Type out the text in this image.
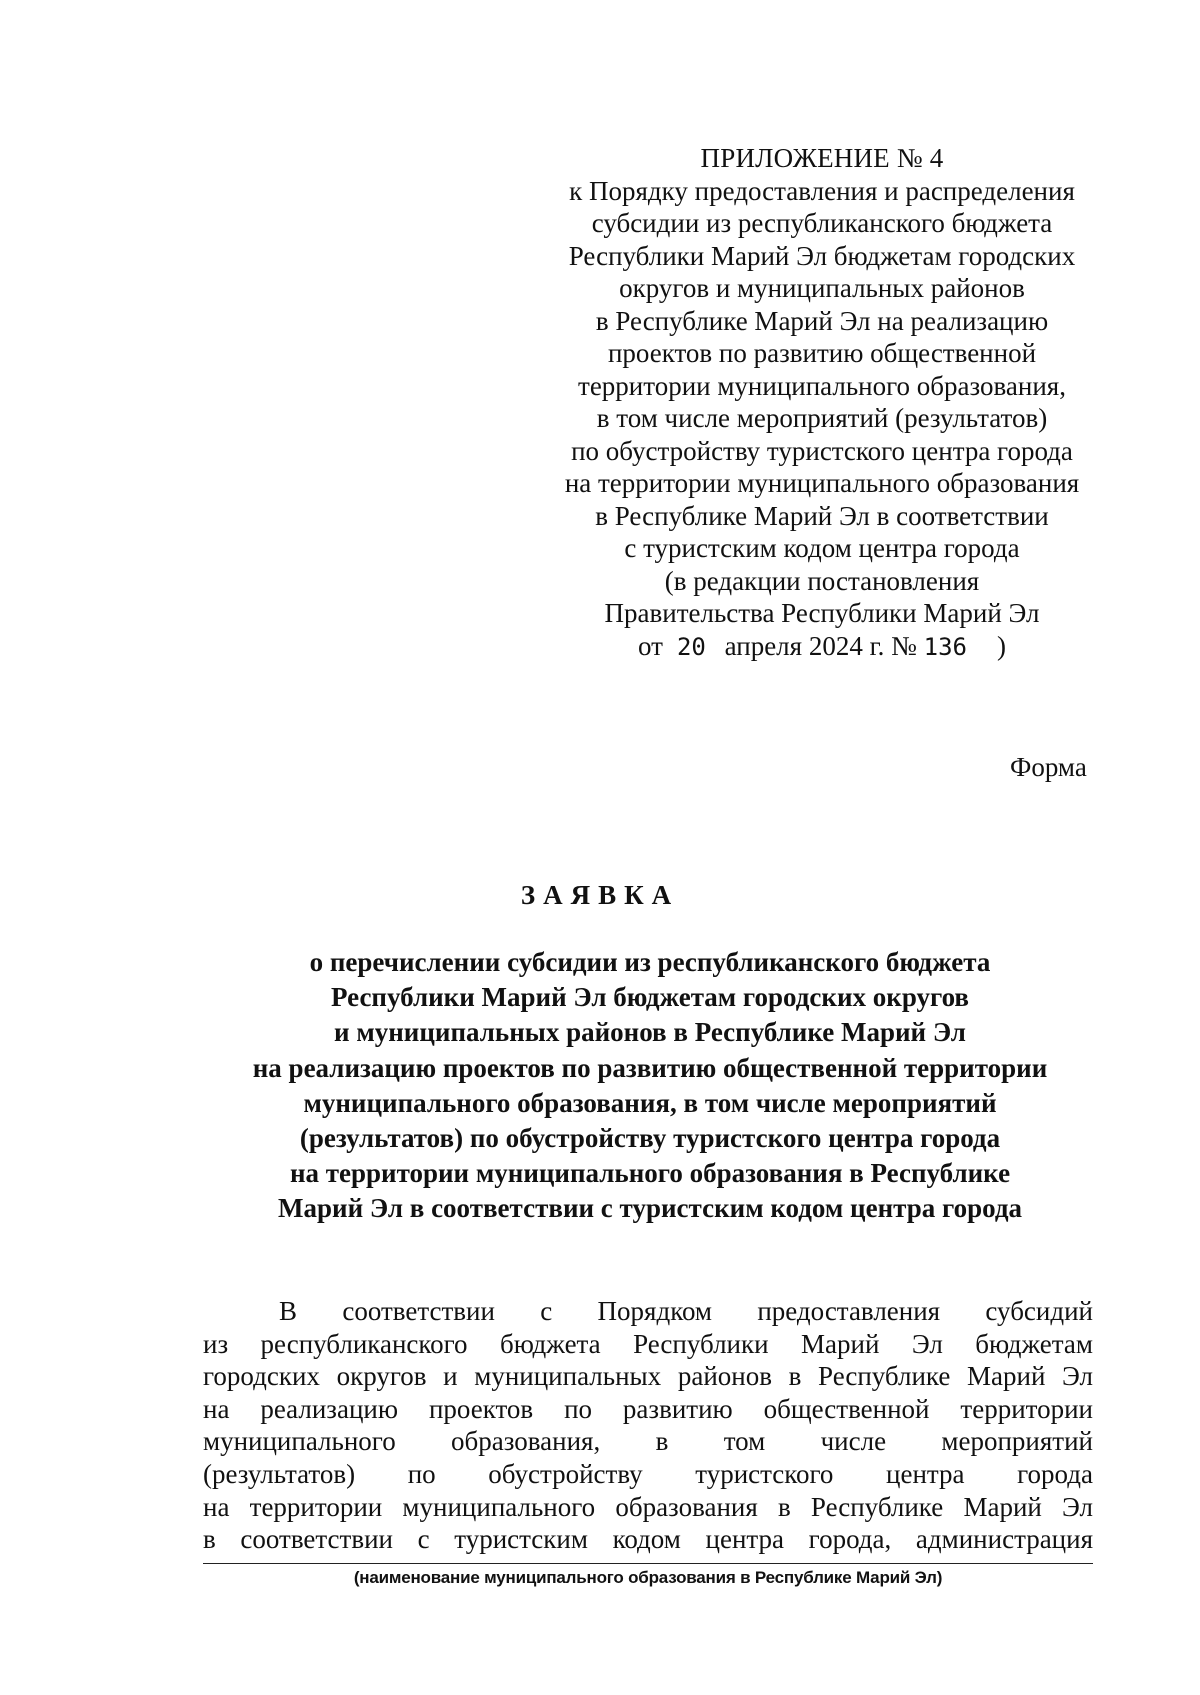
ПРИЛОЖЕНИЕ № 4
к Порядку предоставления и распределения
субсидии из республиканского бюджета
Республики Марий Эл бюджетам городских
округов и муниципальных районов
в Республике Марий Эл на реализацию
проектов по развитию общественной
территории муниципального образования,
в том числе мероприятий (результатов)
по обустройству туристского центра города
на территории муниципального образования
в Республике Марий Эл в соответствии
с туристским кодом центра города
(в редакции постановления
Правительства Республики Марий Эл
от 20 апреля 2024 г. № 136 )
Форма
ЗАЯВКА
о перечислении субсидии из республиканского бюджета
Республики Марий Эл бюджетам городских округов
и муниципальных районов в Республике Марий Эл
на реализацию проектов по развитию общественной территории
муниципального образования, в том числе мероприятий
(результатов) по обустройству туристского центра города
на территории муниципального образования в Республике
Марий Эл в соответствии с туристским кодом центра города
В соответствии с Порядком предоставления субсидий
из республиканского бюджета Республики Марий Эл бюджетам
городских округов и муниципальных районов в Республике Марий Эл
на реализацию проектов по развитию общественной территории
муниципального образования, в том числе мероприятий
(результатов) по обустройству туристского центра города
на территории муниципального образования в Республике Марий Эл
в соответствии с туристским кодом центра города, администрация
(наименование муниципального образования в Республике Марий Эл)
